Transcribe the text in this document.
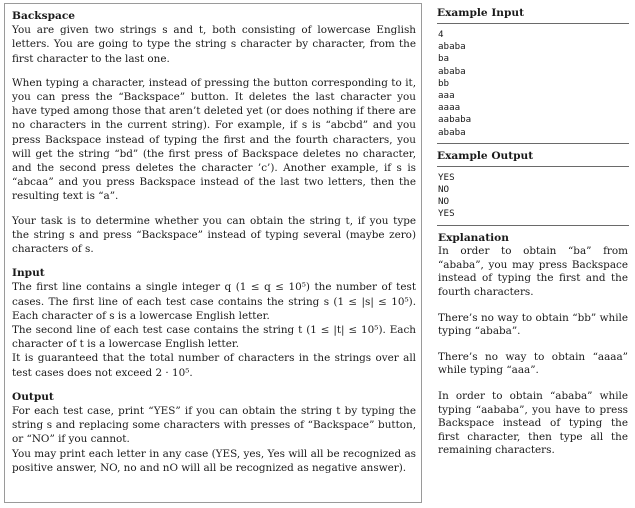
Backspace

You are given two strings s and t, both consisting of lowercase English letters. You are going to type the string s character by character, from the first character to the last one.

When typing a character, instead of pressing the button corresponding to it, you can press the “Backspace” button. It deletes the last character you have typed among those that aren’t deleted yet (or does nothing if there are no characters in the current string). For example, if s is “abcbd” and you press Backspace instead of typing the first and the fourth characters, you will get the string “bd” (the first press of Backspace deletes no character, and the second press deletes the character ’c’). Another example, if s is “abcaa” and you press Backspace instead of the last two letters, then the resulting text is “a”.

Your task is to determine whether you can obtain the string t, if you type the string s and press “Backspace” instead of typing several (maybe zero) characters of s.

Input

The first line contains a single integer q (1 ≤ q ≤ 10⁵) the number of test cases. The first line of each test case contains the string s (1 ≤ |s| ≤ 10⁵). Each character of s is a lowercase English letter.

The second line of each test case contains the string t (1 ≤ |t| ≤ 10⁵). Each character of t is a lowercase English letter.

It is guaranteed that the total number of characters in the strings over all test cases does not exceed 2 · 10⁵.

Output

For each test case, print “YES” if you can obtain the string t by typing the string s and replacing some characters with presses of “Backspace” button, or “NO” if you cannot.

You may print each letter in any case (YES, yes, Yes will all be recognized as positive answer, NO, no and nO will all be recognized as negative answer).

Example Input
4
ababa
ba
ababa
bb
aaa
aaaa
aababa
ababa
Example Output
YES
NO
NO
YES
Explanation

In order to obtain “ba” from “ababa”, you may press Backspace instead of typing the first and the fourth characters.

There’s no way to obtain “bb” while typing “ababa”.

There’s no way to obtain “aaaa” while typing “aaa”.

In order to obtain “ababa” while typing “aababa”, you have to press Backspace instead of typing the first character, then type all the remaining characters.
